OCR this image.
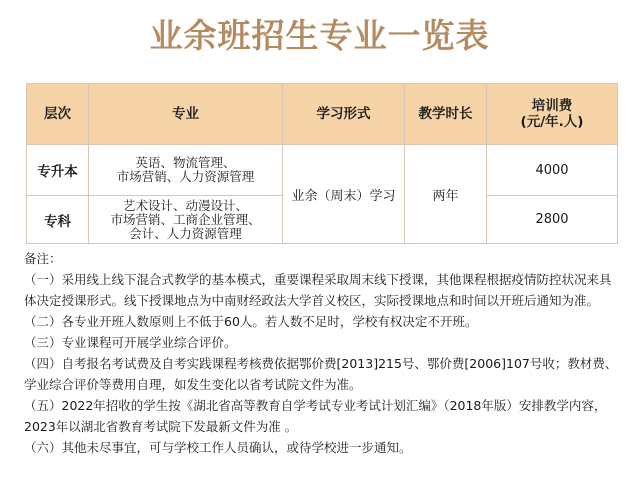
业余班招生专业一览表
层次	专业	学习形式	教学时长	培训费
(元/年.人)

专升本	英语、物流管理、
市场营销、人力资源管理	业余（周末）学习	两年	4000
专科	艺术设计、动漫设计、
市场营销、工商企业管理、
会计、人力资源管理			2800

备注：

（一）采用线上线下混合式教学的基本模式，重要课程采取周末线下授课，其他课程根据疫情防控状况来具体决定授课形式。线下授课地点为中南财经政法大学首义校区，实际授课地点和时间以开班后通知为准。

（二）各专业开班人数原则上不低于60人。若人数不足时，学校有权决定不开班。

（三）专业课程可开展学业综合评价。

（四）自考报名考试费及自考实践课程考核费依据鄂价费[2013]215号、鄂价费[2006]107号收；教材费、学业综合评价等费用自理，如发生变化以省考试院文件为准。

（五）2022年招收的学生按《湖北省高等教育自学考试专业考试计划汇编》（2018年版）安排教学内容，2023年以湖北省教育考试院下发最新文件为准 。

（六）其他未尽事宜，可与学校工作人员确认，或待学校进一步通知。
